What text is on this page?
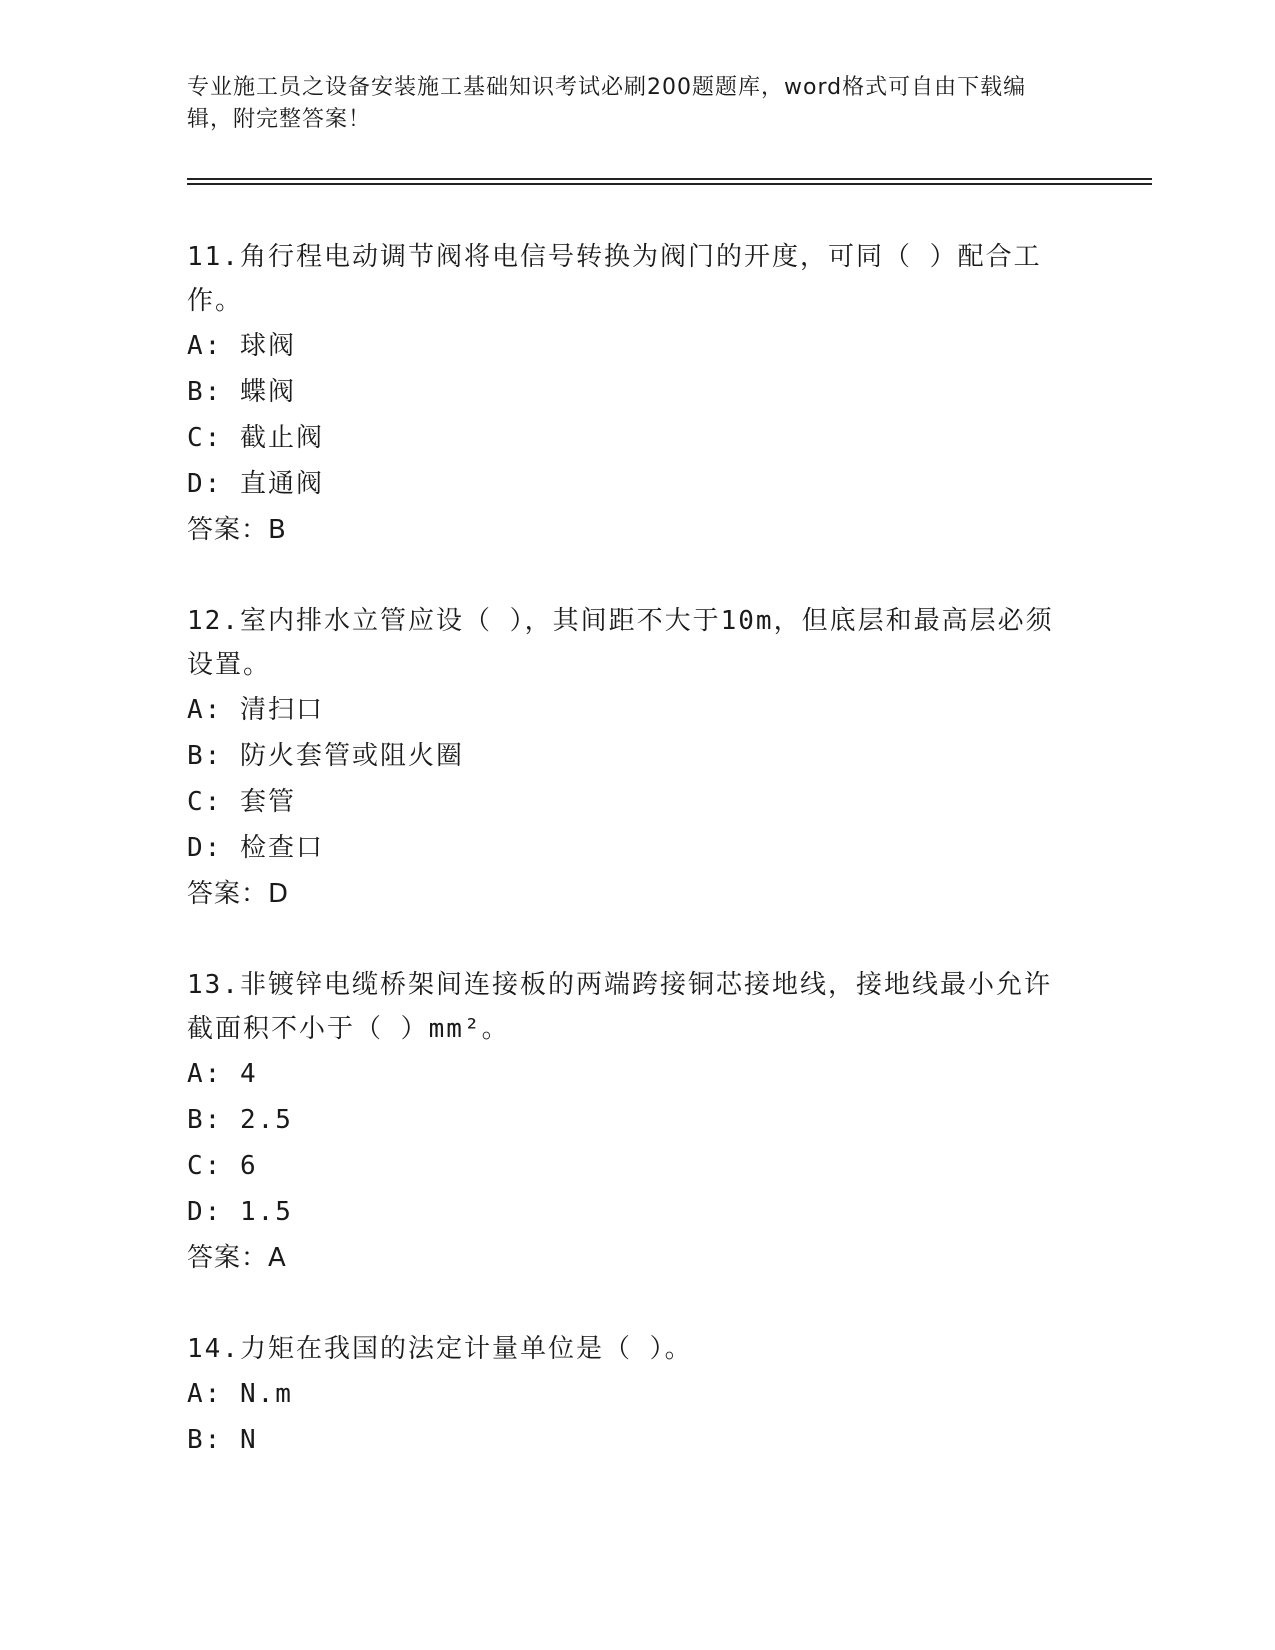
专业施工员之设备安装施工基础知识考试必刷200题题库，word格式可自由下载编辑，附完整答案！

11.角行程电动调节阀将电信号转换为阀门的开度，可同（ ）配合工作。

A: 球阀

B: 蝶阀

C: 截止阀

D: 直通阀

答案：B

12.室内排水立管应设（ ），其间距不大于10m，但底层和最高层必须设置。

A: 清扫口

B: 防火套管或阻火圈

C: 套管

D: 检查口

答案：D

13.非镀锌电缆桥架间连接板的两端跨接铜芯接地线，接地线最小允许截面积不小于（ ）mm²。

A: 4

B: 2.5

C: 6

D: 1.5

答案：A

14.力矩在我国的法定计量单位是（ ）。

A: N.m

B: N
